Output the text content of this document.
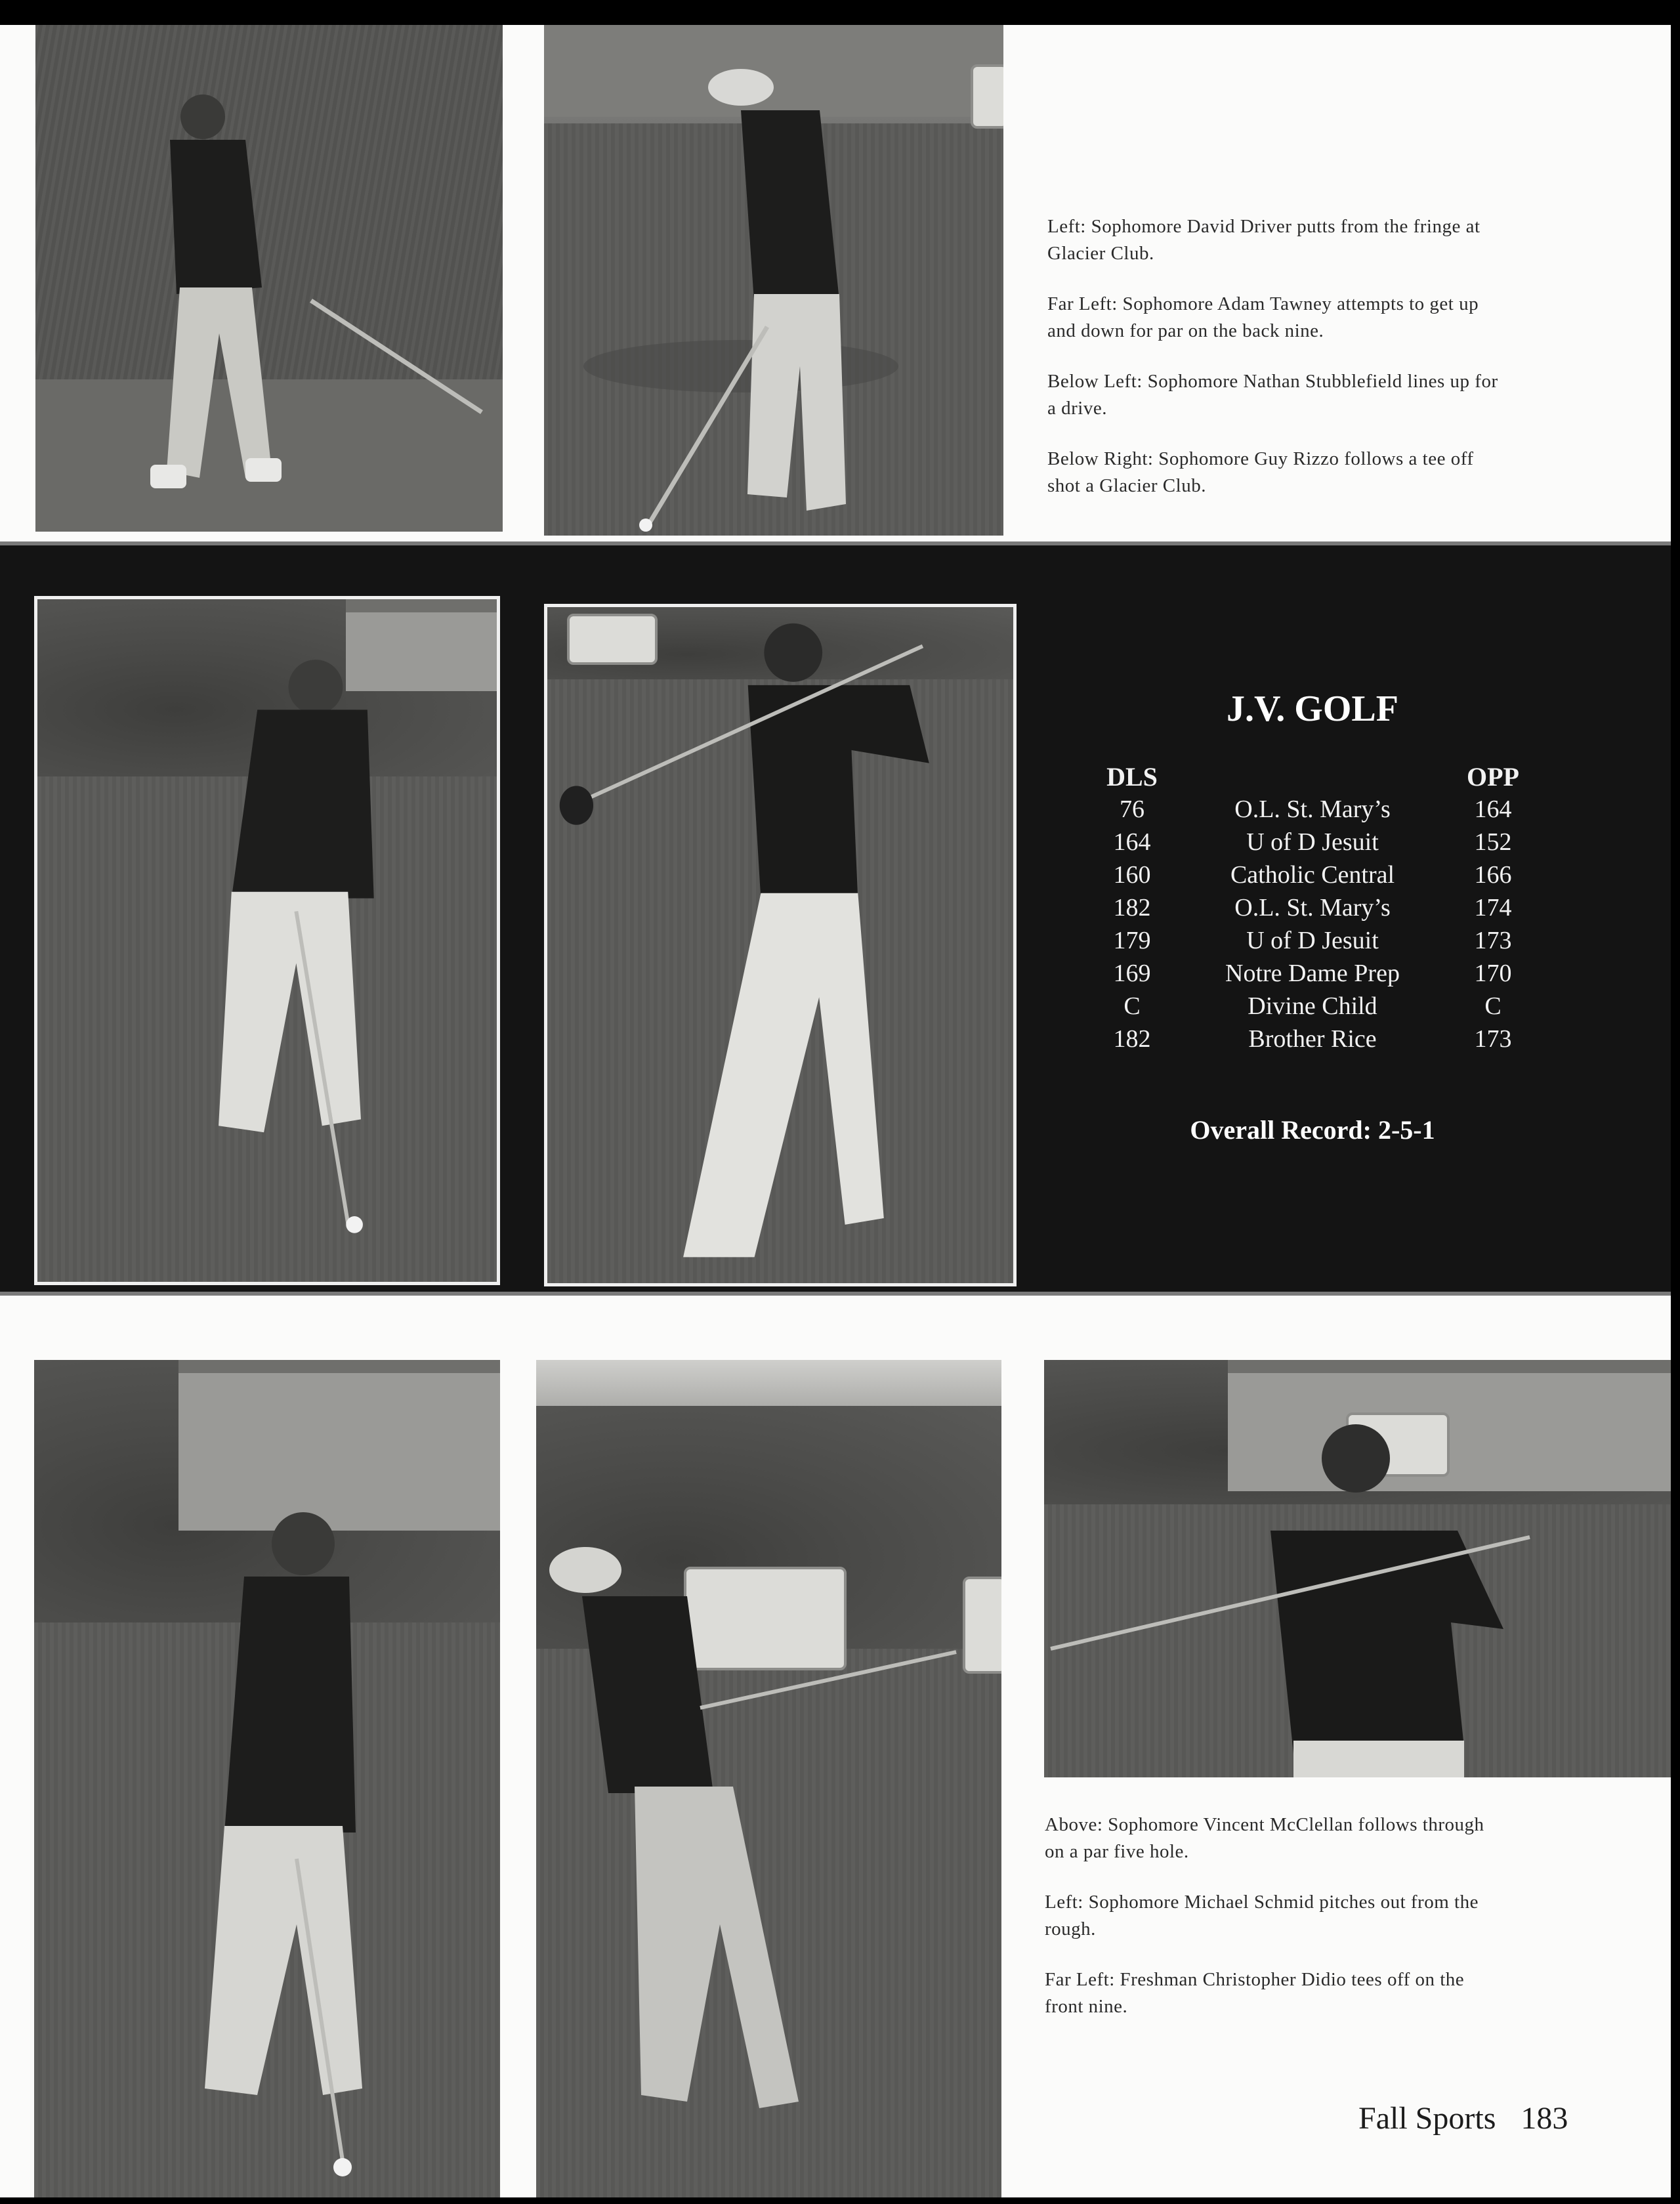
Left: Sophomore David Driver putts from the fringe at Glacier Club.

Far Left: Sophomore Adam Tawney attempts to get up and down for par on the back nine.

Below Left: Sophomore Nathan Stubblefield lines up for a drive.

Below Right: Sophomore Guy Rizzo follows a tee off shot a Glacier Club.

J.V. GOLF
DLS		OPP
76	O.L. St. Mary’s	164
164	U of D Jesuit	152
160	Catholic Central	166
182	O.L. St. Mary’s	174
179	U of D Jesuit	173
169	Notre Dame Prep	170
C	Divine Child	C
182	Brother Rice	173

Overall Record: 2-5-1

Above: Sophomore Vincent McClellan follows through on a par five hole.

Left: Sophomore Michael Schmid pitches out from the rough.

Far Left: Freshman Christopher Didio tees off on the front nine.

Fall Sports 183
